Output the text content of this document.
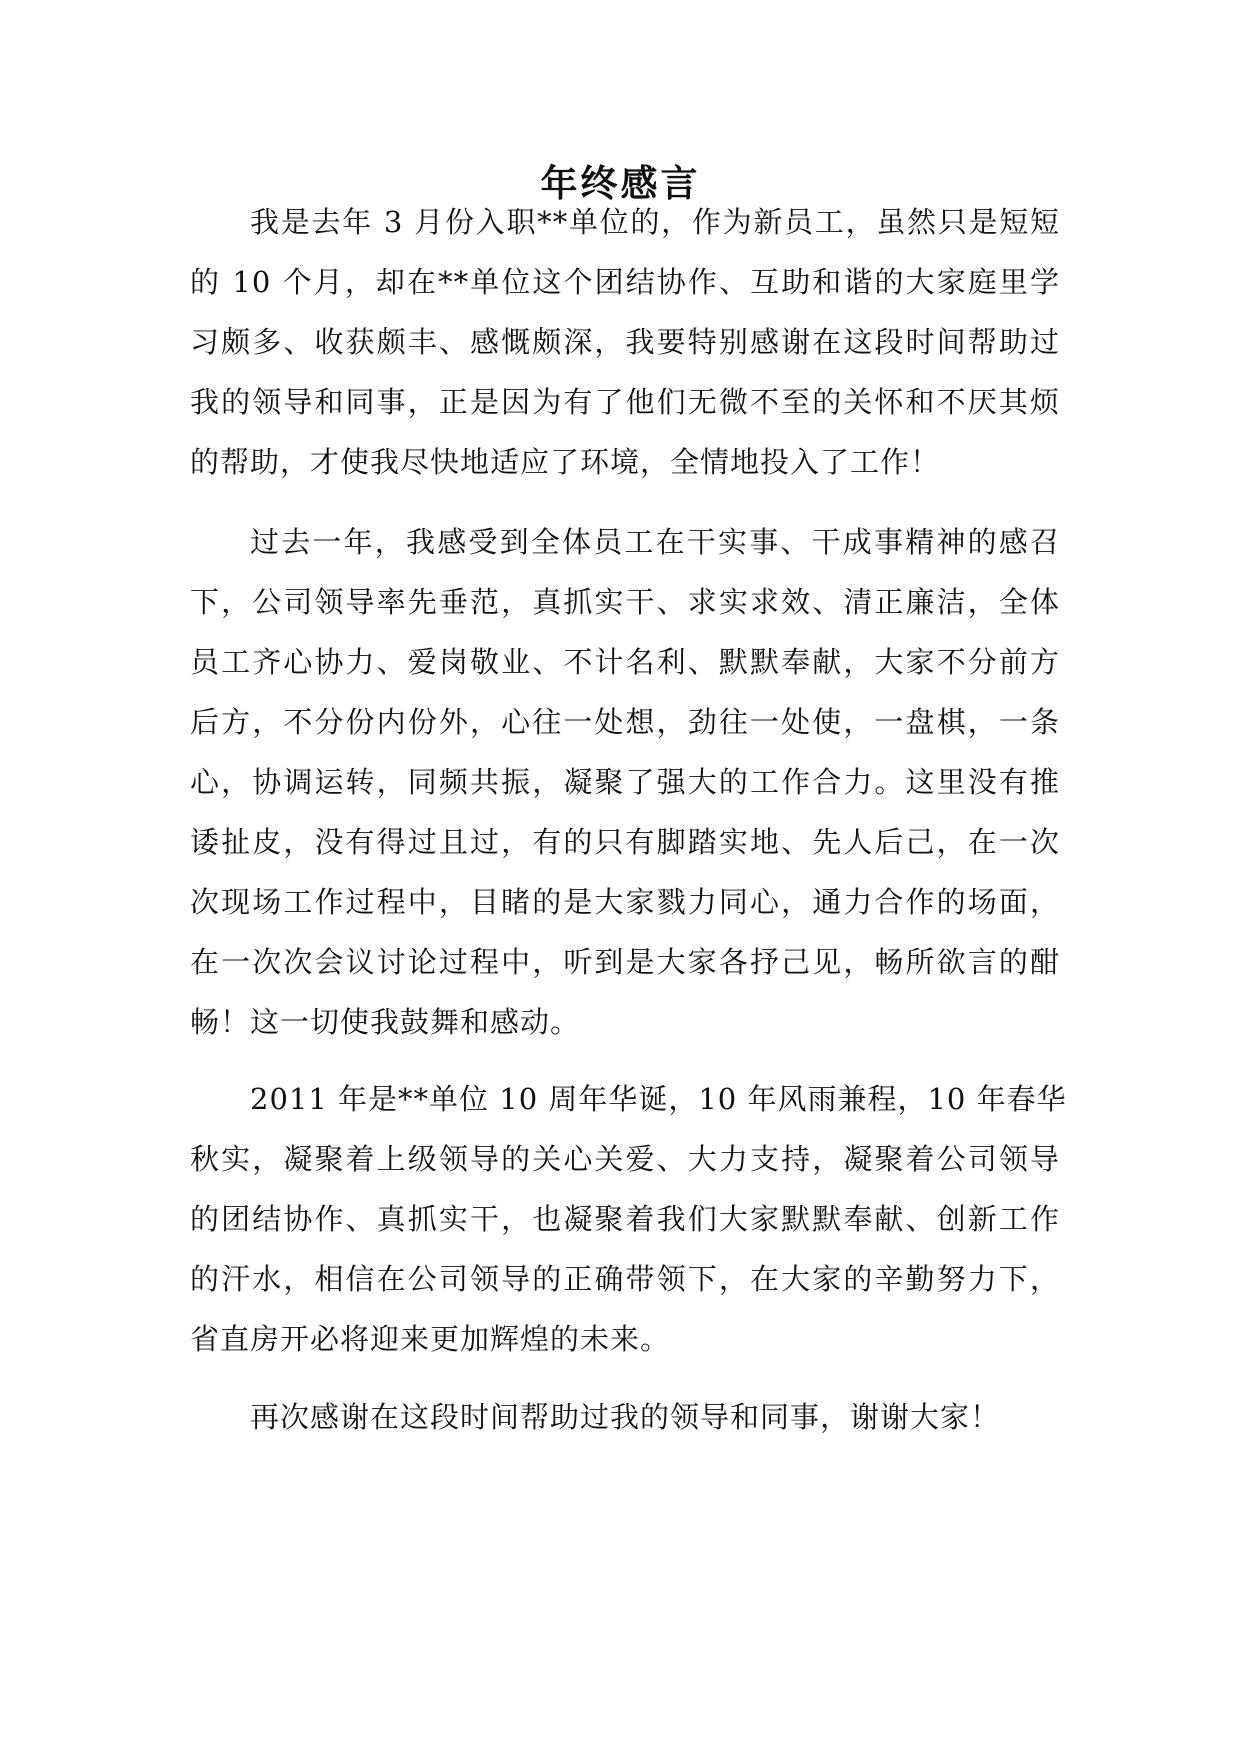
年终感言

我是去年 3 月份入职**单位的，作为新员工，虽然只是短短

的 10 个月，却在**单位这个团结协作、互助和谐的大家庭里学

习颇多、收获颇丰、感慨颇深，我要特别感谢在这段时间帮助过

我的领导和同事，正是因为有了他们无微不至的关怀和不厌其烦

的帮助，才使我尽快地适应了环境，全情地投入了工作！

过去一年，我感受到全体员工在干实事、干成事精神的感召

下，公司领导率先垂范，真抓实干、求实求效、清正廉洁，全体

员工齐心协力、爱岗敬业、不计名利、默默奉献，大家不分前方

后方，不分份内份外，心往一处想，劲往一处使，一盘棋，一条

心，协调运转，同频共振，凝聚了强大的工作合力。这里没有推

诿扯皮，没有得过且过，有的只有脚踏实地、先人后己，在一次

次现场工作过程中，目睹的是大家戮力同心，通力合作的场面，

在一次次会议讨论过程中，听到是大家各抒己见，畅所欲言的酣

畅！这一切使我鼓舞和感动。

2011 年是**单位 10 周年华诞，10 年风雨兼程，10 年春华

秋实，凝聚着上级领导的关心关爱、大力支持，凝聚着公司领导

的团结协作、真抓实干，也凝聚着我们大家默默奉献、创新工作

的汗水，相信在公司领导的正确带领下，在大家的辛勤努力下，

省直房开必将迎来更加辉煌的未来。

再次感谢在这段时间帮助过我的领导和同事，谢谢大家！
